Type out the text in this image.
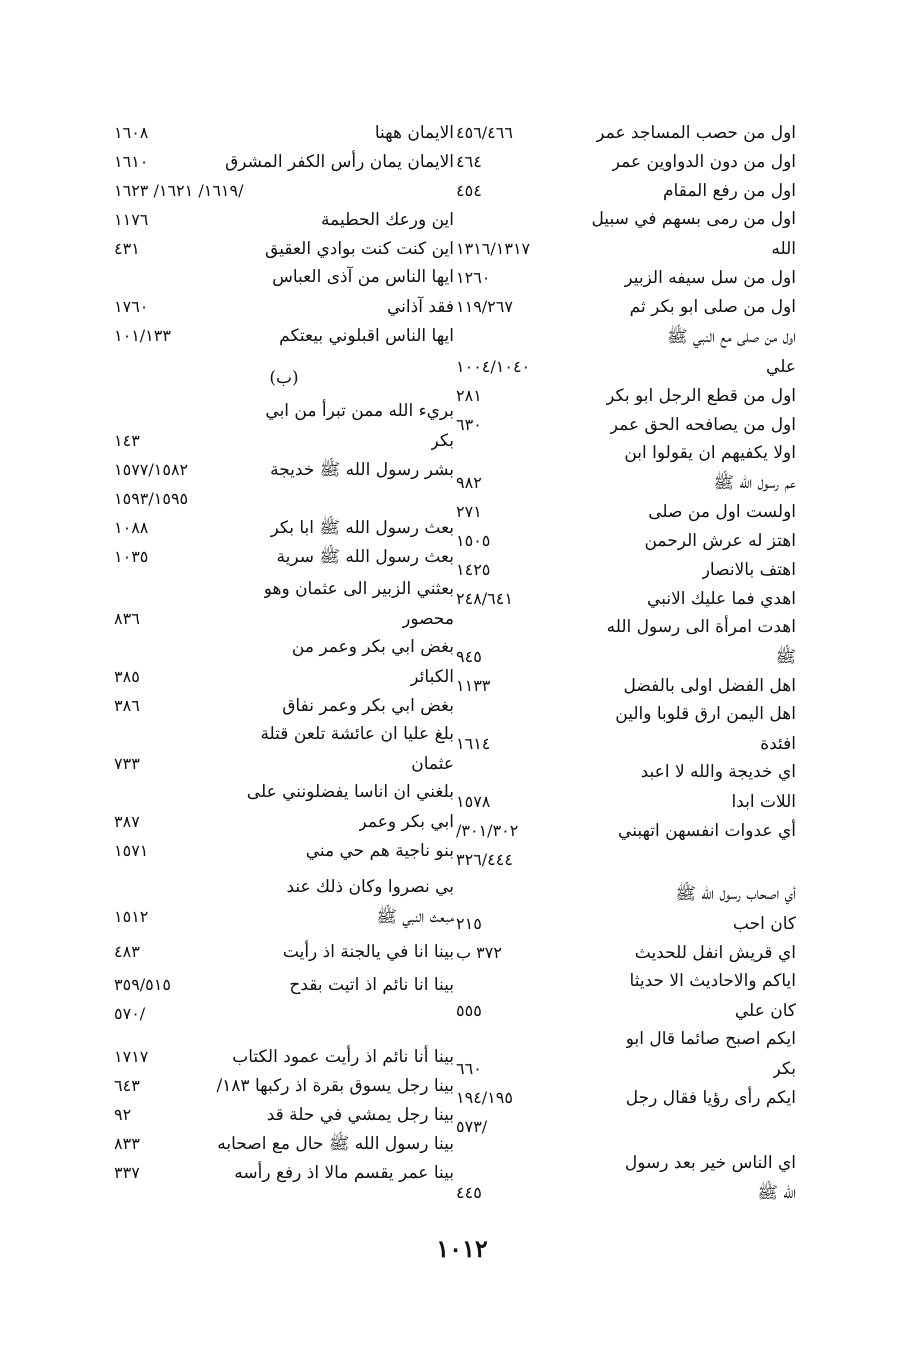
اول من حصب المساجد عمر
٤٥٦/٤٦٦
اول من دون الدواوين عمر
٤٦٤
اول من رفع المقام
٤٥٤
اول من رمى بسهم في سبيل
الله
١٣١٦/١٣١٧
اول من سل سيفه الزبير
١٢٦٠
اول من صلى ابو بكر ثم
١١٩/٢٦٧
اول من صلى مع النبي ﷺ
علي
١٠٠٤/١٠٤٠
اول من قطع الرجل ابو بكر
٢٨١
اول من يصافحه الحق عمر
٦٣٠
اولا يكفيهم ان يقولوا ابن
عم رسول الله ﷺ
٩٨٢
اولست اول من صلى
٢٧١
اهتز له عرش الرحمن
١٥٠٥
اهتف بالانصار
١٤٢٥
اهدي فما عليك الانبي
٢٤٨/٦٤١
اهدت امرأة الى رسول الله
ﷺ
٩٤٥
اهل الفضل اولى بالفضل
١١٣٣
اهل اليمن ارق قلوبا والين
افئدة
١٦١٤
اي خديجة والله لا اعبد
اللات ابدا
١٥٧٨
أي عدوات انفسهن اتهبني
٣٠١/٣٠٢/
٣٢٦/٤٤٤
أي اصحاب رسول الله ﷺ
كان احب
٢١٥
اي قريش انفل للحديث
٣٧٢ ب
اياكم والاحاديث الا حديثا
كان علي
٥٥٥
ايكم اصبح صائما قال ابو
بكر
٦٦٠
ايكم رأى رؤيا فقال رجل
١٩٤/١٩٥
/٥٧٣
اي الناس خير بعد رسول
الله ﷺ
٤٤٥
الايمان ههنا
١٦٠٨
الايمان يمان رأس الكفر المشرق
١٦١٠
/١٦١٩/ ١٦٢١/ ١٦٢٣
اين ورعك الحطيمة
١١٧٦
اين كنت كنت بوادي العقيق
٤٣١
ايها الناس من آذى العباس
فقد آذاني
١٧٦٠
ايها الناس اقبلوني بيعتكم
١٠١/١٣٣
(ب)
بريء الله ممن تبرأ من ابي
بكر
١٤٣
بشر رسول الله ﷺ خديجة
١٥٧٧/١٥٨٢
١٥٩٣/١٥٩٥
بعث رسول الله ﷺ ابا بكر
١٠٨٨
بعث رسول الله ﷺ سرية
١٠٣٥
بعثني الزبير الى عثمان وهو
محصور
٨٣٦
بغض ابي بكر وعمر من
الكبائر
٣٨٥
بغض ابي بكر وعمر نفاق
٣٨٦
بلغ عليا ان عائشة تلعن قتلة
عثمان
٧٣٣
بلغني ان اناسا يفضلونني على
ابي بكر وعمر
٣٨٧
بنو ناجية هم حي مني
١٥٧١
بي نصروا وكان ذلك عند
مبعث النبي ﷺ
١٥١٢
بينا انا في يالجنة اذ رأيت
٤٨٣
بينا انا نائم اذ اتيت بقدح
٣٥٩/٥١٥
/٥٧٠
بينا أنا نائم اذ رأيت عمود الكتاب
١٧١٧
بينا رجل يسوق بقرة اذ ركبها ١٨٣/
٦٤٣
بينا رجل يمشي في حلة قد
٩٢
بينا رسول الله ﷺ حال مع اصحابه
٨٣٣
بينا عمر يقسم مالا اذ رفع رأسه
٣٣٧
١٠١٢
